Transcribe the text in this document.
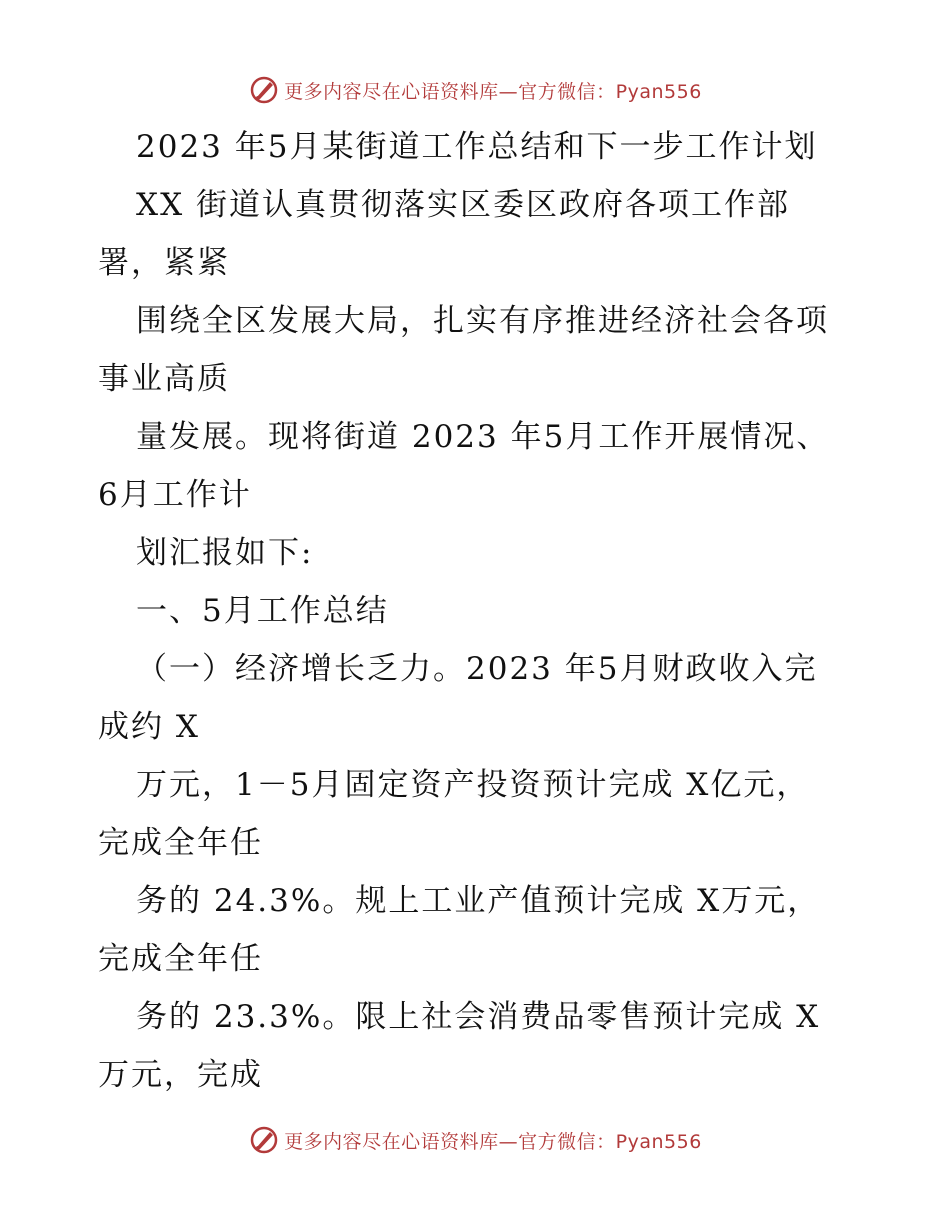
更多内容尽在心语资料库—官方微信：Pyan556
2023 年5月某街道工作总结和下一步工作计划
XX 街道认真贯彻落实区委区政府各项工作部
署，紧紧
围绕全区发展大局，扎实有序推进经济社会各项
事业高质
量发展。现将街道 2023 年5月工作开展情况、
6月工作计
划汇报如下:
一、5月工作总结
（一）经济增长乏力。2023 年5月财政收入完
成约 X
万元，1－5月固定资产投资预计完成 X亿元，
完成全年任
务的 24.3%。规上工业产值预计完成 X万元，
完成全年任
务的 23.3%。限上社会消费品零售预计完成 X
万元，完成
更多内容尽在心语资料库—官方微信：Pyan556
